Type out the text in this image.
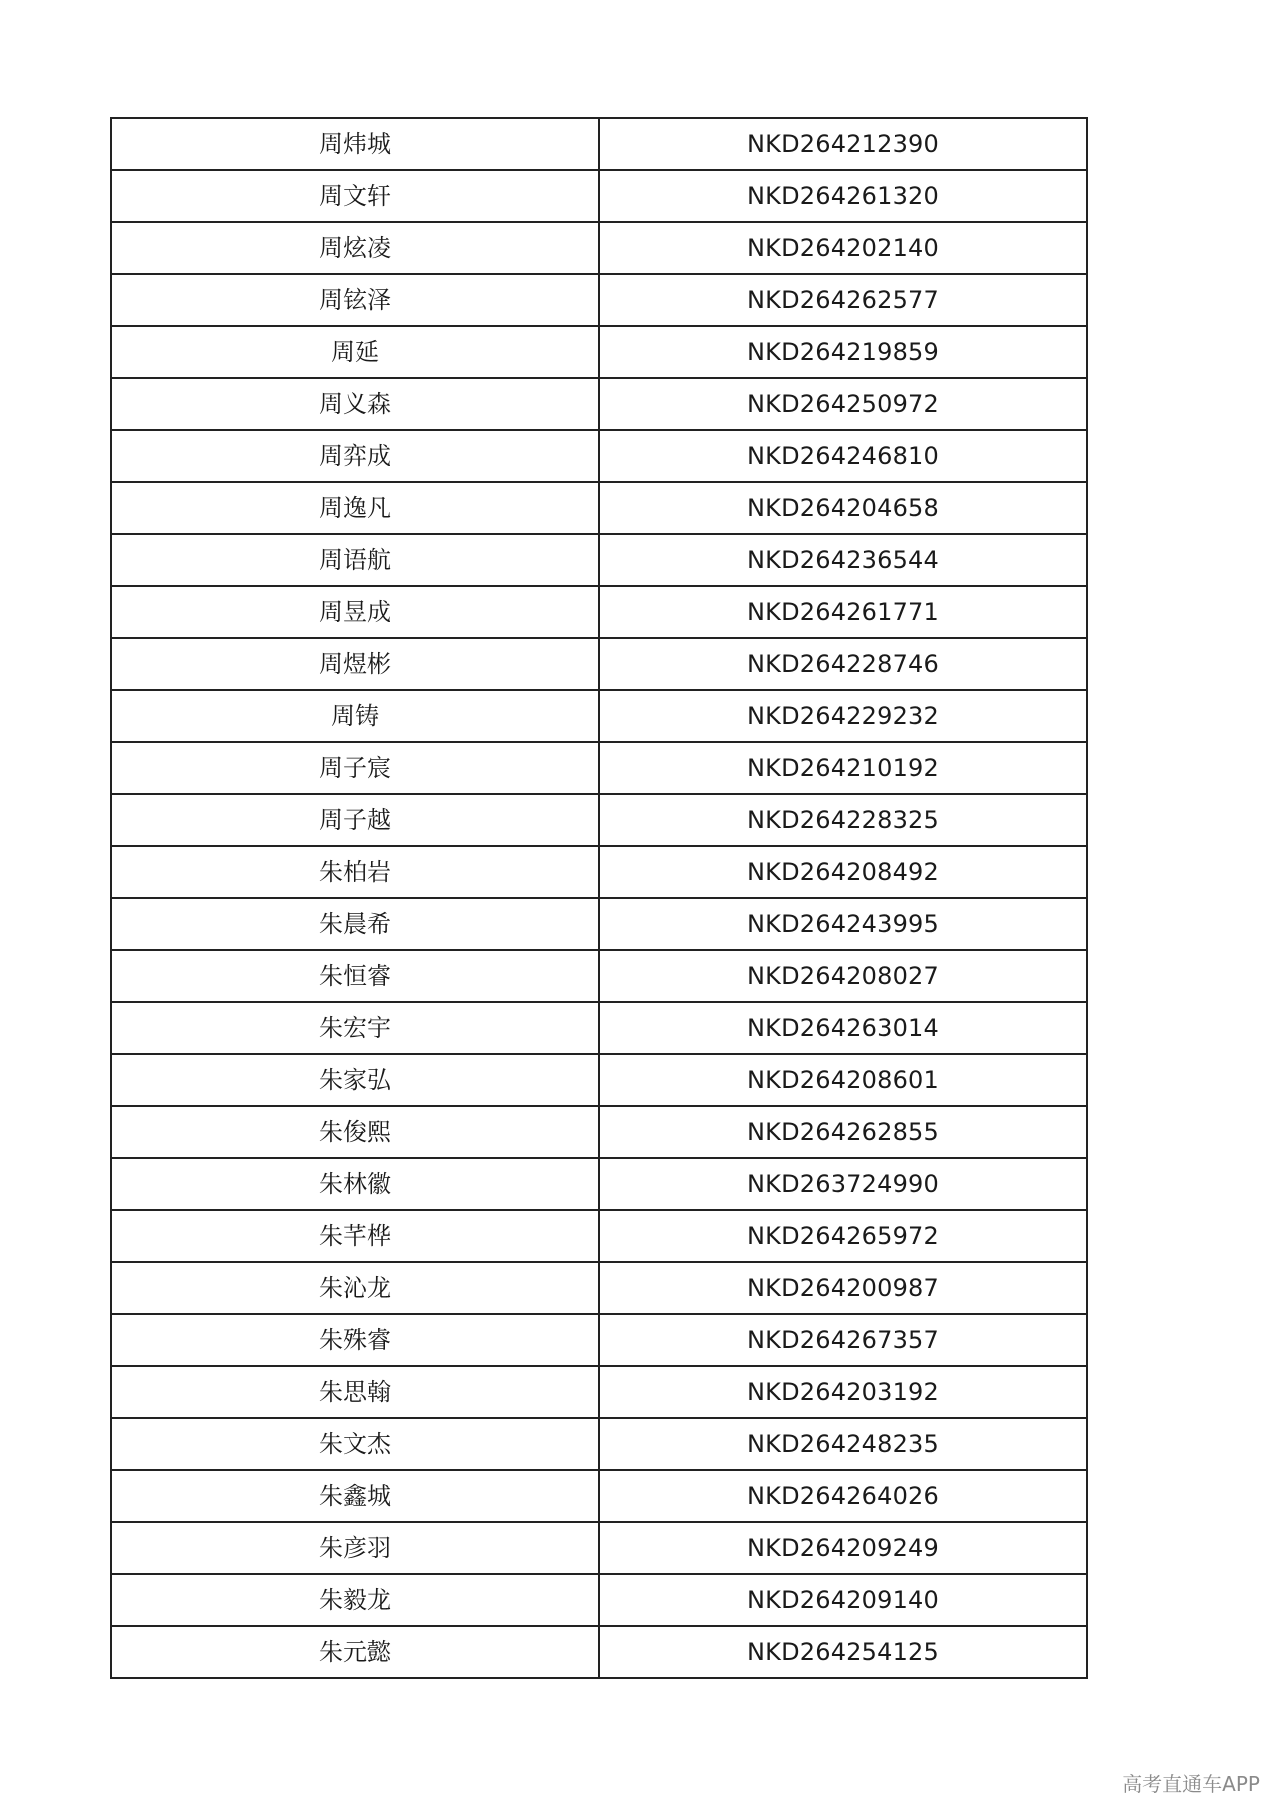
周炜城	NKD264212390
周文轩	NKD264261320
周炫凌	NKD264202140
周铉泽	NKD264262577
周延	NKD264219859
周义森	NKD264250972
周弈成	NKD264246810
周逸凡	NKD264204658
周语航	NKD264236544
周昱成	NKD264261771
周煜彬	NKD264228746
周铸	NKD264229232
周子宸	NKD264210192
周子越	NKD264228325
朱柏岩	NKD264208492
朱晨希	NKD264243995
朱恒睿	NKD264208027
朱宏宇	NKD264263014
朱家弘	NKD264208601
朱俊熙	NKD264262855
朱林徽	NKD263724990
朱芊桦	NKD264265972
朱沁龙	NKD264200987
朱殊睿	NKD264267357
朱思翰	NKD264203192
朱文杰	NKD264248235
朱鑫城	NKD264264026
朱彦羽	NKD264209249
朱毅龙	NKD264209140
朱元懿	NKD264254125
高考直通车APP
